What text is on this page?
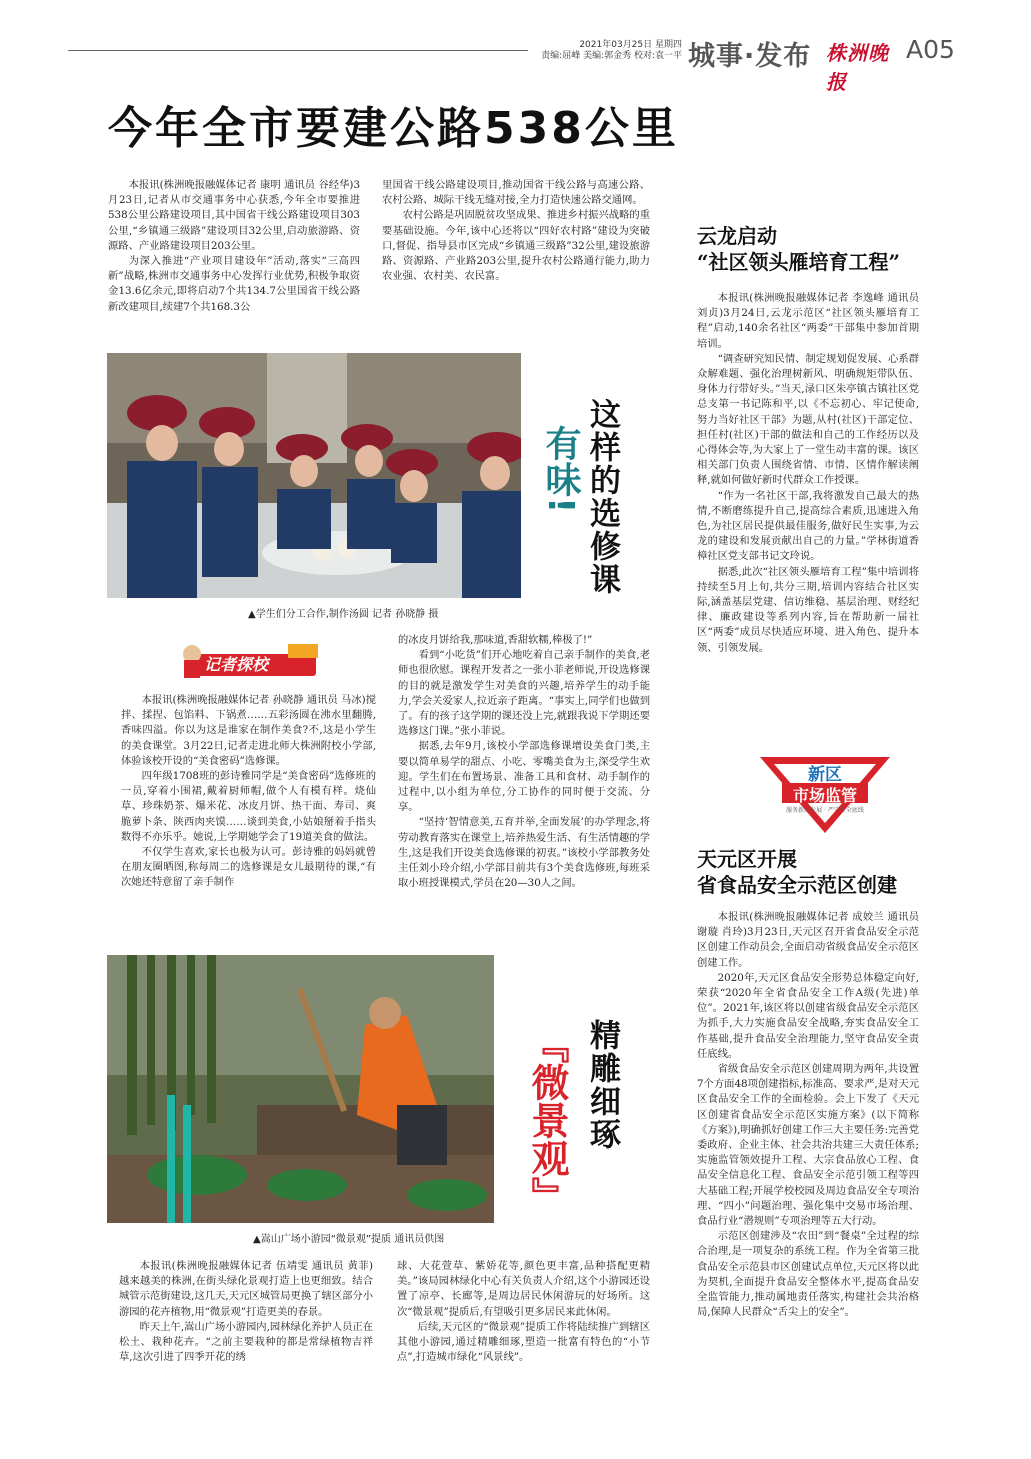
2021年03月25日 星期四
责编:屈峰 美编:郭金秀 校对:袁一平 城事·发布 株洲晚报
A05
今年全市要建公路538公里

本报讯(株洲晚报融媒体记者 康明 通讯员 谷经华)3月23日,记者从市交通事务中心获悉,今年全市要推进538公里公路建设项目,其中国省干线公路建设项目303公里,“乡镇通三级路”建设项目32公里,启动旅游路、资源路、产业路建设项目203公里。

为深入推进“产业项目建设年”活动,落实“三高四新”战略,株洲市交通事务中心发挥行业优势,积极争取资金13.6亿余元,即将启动7个共134.7公里国省干线公路新改建项目,续建7个共168.3公

里国省干线公路建设项目,推动国省干线公路与高速公路、农村公路、城际干线无缝对接,全力打造快速公路交通网。

农村公路是巩固脱贫攻坚成果、推进乡村振兴战略的重要基础设施。今年,该中心还将以“四好农村路”建设为突破口,督促、指导县市区完成“乡镇通三级路”32公里,建设旅游路、资源路、产业路203公里,提升农村公路通行能力,助力农业强、农村美、农民富。

云龙启动
“社区领头雁培育工程”

本报讯(株洲晚报融媒体记者 李逸峰 通讯员 刘贞)3月24日,云龙示范区“社区领头雁培育工程”启动,140余名社区“两委”干部集中参加首期培训。

“调查研究知民情、制定规划促发展、心系群众解难题、强化治理树新风、明确规矩带队伍、身体力行带好头。”当天,渌口区朱亭镇古镇社区党总支第一书记陈和平,以《不忘初心、牢记使命,努力当好社区干部》为题,从村(社区)干部定位、担任村(社区)干部的做法和自己的工作经历以及心得体会等,为大家上了一堂生动丰富的课。该区相关部门负责人围绕省情、市情、区情作解读阐释,就如何做好新时代群众工作授课。

“作为一名社区干部,我将激发自己最大的热情,不断磨练提升自己,提高综合素质,迅速进入角色,为社区居民提供最佳服务,做好民生实事,为云龙的建设和发展贡献出自己的力量。”学林街道香樟社区党支部书记文玲说。

据悉,此次“社区领头雁培育工程”集中培训将持续至5月上旬,共分三期,培训内容结合社区实际,涵盖基层党建、信访维稳、基层治理、财经纪律、廉政建设等系列内容,旨在帮助新一届社区“两委”成员尽快适应环境、进入角色、提升本领、引领发展。

有味! 这样的选修课
▲学生们分工合作,制作汤圆 记者 孙晓静 摄
记者探校

本报讯(株洲晚报融媒体记者 孙晓静 通讯员 马冰)搅拌、揉捏、包馅料、下锅煮……五彩汤圆在沸水里翻腾,香味四溢。你以为这是谁家在制作美食?不,这是小学生的美食课堂。3月22日,记者走进北师大株洲附校小学部,体验该校开设的“美食密码”选修课。

四年级1708班的彭诗雅同学是“美食密码”选修班的一员,穿着小围裙,戴着厨师帽,做个人有模有样。烧仙草、珍珠奶茶、爆米花、冰皮月饼、热干面、寿司、爽脆萝卜条、陕西肉夹馍……谈到美食,小姑娘掰着手指头数得不亦乐乎。她说,上学期她学会了19道美食的做法。

不仅学生喜欢,家长也极为认可。彭诗雅的妈妈就曾在朋友圈晒图,称每周二的选修课是女儿最期待的课,“有次她还特意留了亲手制作

的冰皮月饼给我,那味道,香甜软糯,棒极了!”

看到“小吃货”们开心地吃着自己亲手制作的美食,老师也很欣慰。课程开发者之一张小菲老师说,开设选修课的目的就是激发学生对美食的兴趣,培养学生的动手能力,学会关爱家人,拉近亲子距离。“事实上,同学们也做到了。有的孩子这学期的课还没上完,就跟我说下学期还要选修这门课。”张小菲说。

据悉,去年9月,该校小学部选修课增设美食门类,主要以简单易学的甜点、小吃、零嘴美食为主,深受学生欢迎。学生们在布置场景、准备工具和食材、动手制作的过程中,以小组为单位,分工协作的同时便于交流、分享。

“坚持‘智情意美,五育并举,全面发展’的办学理念,将劳动教育落实在课堂上,培养热爱生活、有生活情趣的学生,这是我们开设美食选修课的初衷。”该校小学部教务处主任刘小玲介绍,小学部目前共有3个美食选修班,每班采取小班授课模式,学员在20—30人之间。

新区
市场监管
服务新区发展 · 严守安全底线
天元区开展
省食品安全示范区创建

本报讯(株洲晚报融媒体记者 成姣兰 通讯员 谢璇 肖玲)3月23日,天元区召开省食品安全示范区创建工作动员会,全面启动省级食品安全示范区创建工作。

2020年,天元区食品安全形势总体稳定向好,荣获“2020年全省食品安全工作A级(先进)单位”。2021年,该区将以创建省级食品安全示范区为抓手,大力实施食品安全战略,夯实食品安全工作基础,提升食品安全治理能力,坚守食品安全责任底线。

省级食品安全示范区创建周期为两年,共设置7个方面48项创建指标,标准高、要求严,是对天元区食品安全工作的全面检验。会上下发了《天元区创建省食品安全示范区实施方案》(以下简称《方案》),明确抓好创建工作三大主要任务:完善党委政府、企业主体、社会共治共建三大责任体系;实施监管领效提升工程、大宗食品放心工程、食品安全信息化工程、食品安全示范引领工程等四大基础工程;开展学校校园及周边食品安全专项治理、“四小”问题治理、强化集中交易市场治理、食品行业“潜规则”专项治理等五大行动。

示范区创建涉及“农田”到“餐桌”全过程的综合治理,是一项复杂的系统工程。作为全省第三批食品安全示范县市区创建试点单位,天元区将以此为契机,全面提升食品安全整体水平,提高食品安全监管能力,推动属地责任落实,构建社会共治格局,保障人民群众“舌尖上的安全”。

『微景观』 精雕细琢
▲嵩山广场小游园“微景观”提质 通讯员供图

本报讯(株洲晚报融媒体记者 伍靖雯 通讯员 黄菲)越来越美的株洲,在街头绿化景观打造上也更细致。结合城管示范街建设,这几天,天元区城管局更换了辖区部分小游园的花卉植物,用“微景观”打造更美的春景。

昨天上午,嵩山广场小游园内,园林绿化养护人员正在松土、栽种花卉。“之前主要栽种的都是常绿植物吉祥草,这次引进了四季开花的绣

球、大花萱草、紫娇花等,颜色更丰富,品种搭配更精美。”该局园林绿化中心有关负责人介绍,这个小游园还设置了凉亭、长廊等,是周边居民休闲游玩的好场所。这次“微景观”提质后,有望吸引更多居民来此休闲。

后续,天元区的“微景观”提质工作将陆续推广到辖区其他小游园,通过精雕细琢,塑造一批富有特色的“小节点”,打造城市绿化“风景线”。
